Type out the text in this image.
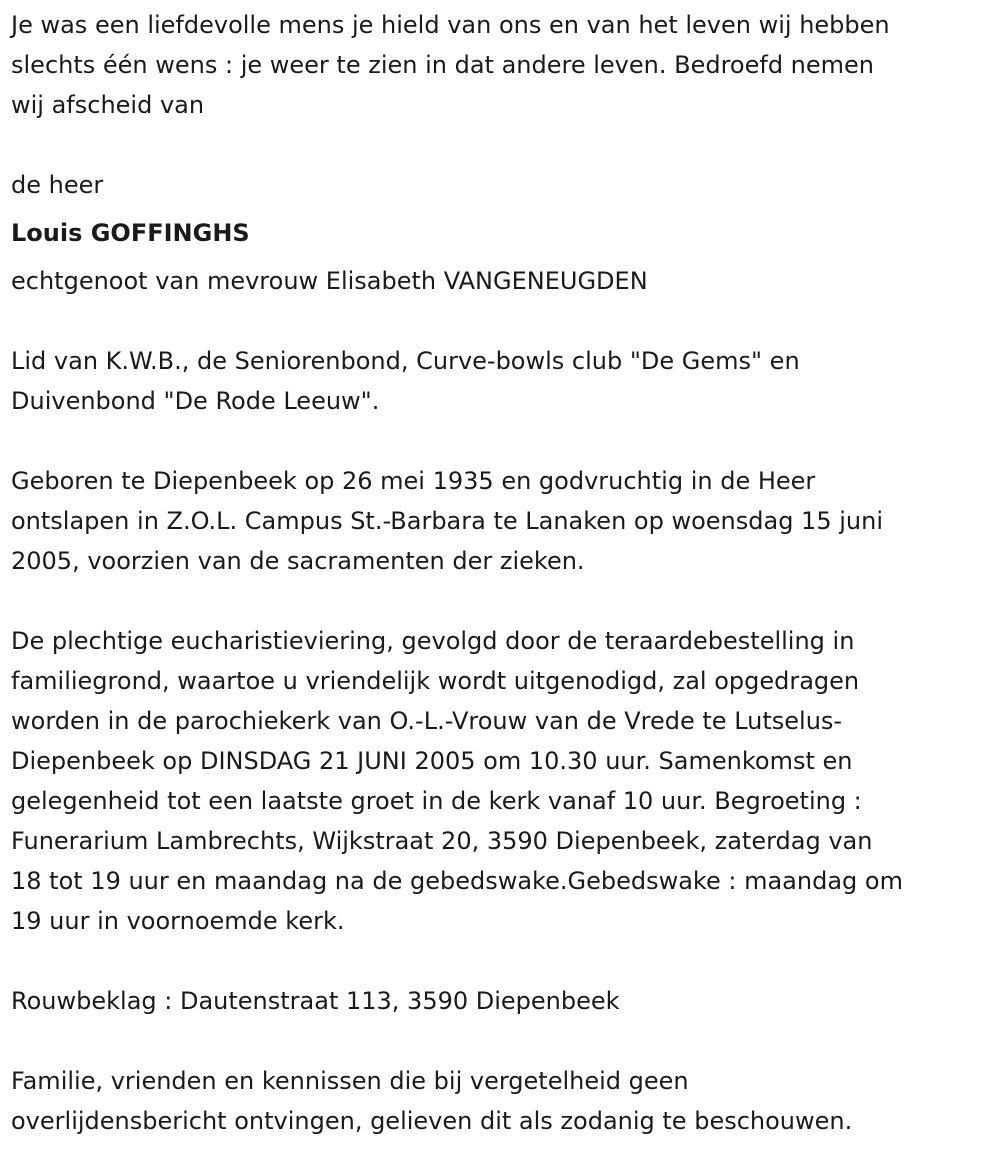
Je was een liefdevolle mens je hield van ons en van het leven wij hebben
slechts één wens : je weer te zien in dat andere leven. Bedroefd nemen
wij afscheid van

de heer

Louis GOFFINGHS

echtgenoot van mevrouw Elisabeth VANGENEUGDEN

Lid van K.W.B., de Seniorenbond, Curve-bowls club "De Gems" en
Duivenbond "De Rode Leeuw".

Geboren te Diepenbeek op 26 mei 1935 en godvruchtig in de Heer
ontslapen in Z.O.L. Campus St.-Barbara te Lanaken op woensdag 15 juni
2005, voorzien van de sacramenten der zieken.

De plechtige eucharistieviering, gevolgd door de teraardebestelling in
familiegrond, waartoe u vriendelijk wordt uitgenodigd, zal opgedragen
worden in de parochiekerk van O.-L.-Vrouw van de Vrede te Lutselus-
Diepenbeek op DINSDAG 21 JUNI 2005 om 10.30 uur. Samenkomst en
gelegenheid tot een laatste groet in de kerk vanaf 10 uur. Begroeting :
Funerarium Lambrechts, Wijkstraat 20, 3590 Diepenbeek, zaterdag van
18 tot 19 uur en maandag na de gebedswake.Gebedswake : maandag om
19 uur in voornoemde kerk.

Rouwbeklag : Dautenstraat 113, 3590 Diepenbeek

Familie, vrienden en kennissen die bij vergetelheid geen
overlijdensbericht ontvingen, gelieven dit als zodanig te beschouwen.
